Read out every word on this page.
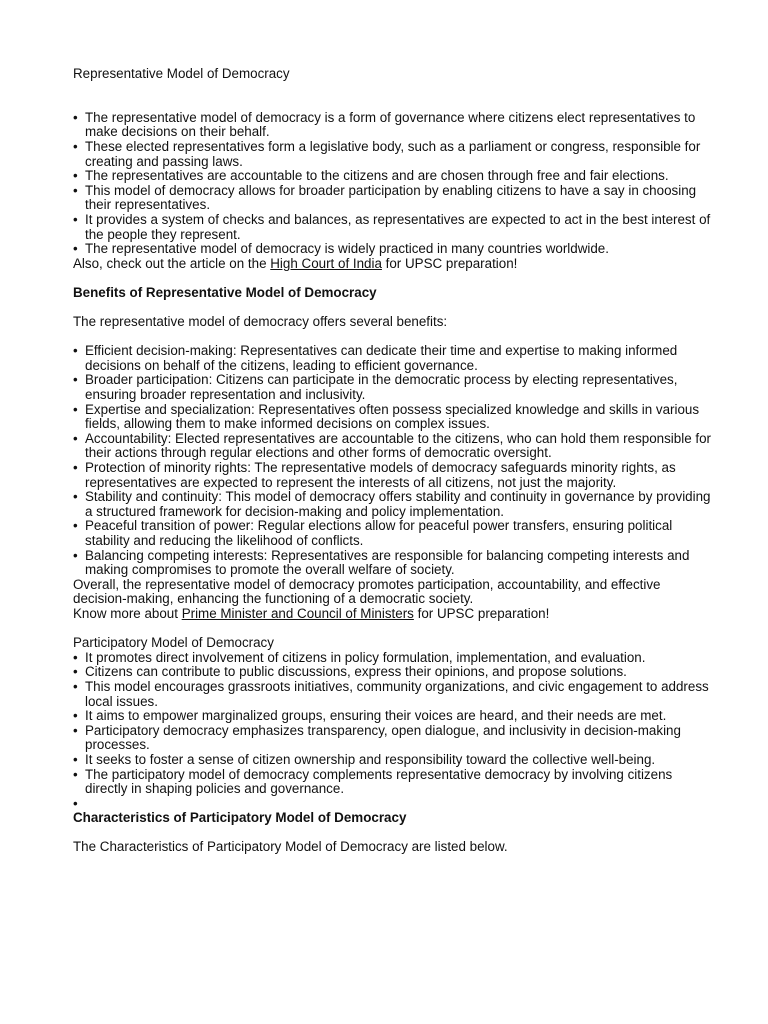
Representative Model of Democracy

• The representative model of democracy is a form of governance where citizens elect representatives to make decisions on their behalf.
• These elected representatives form a legislative body, such as a parliament or congress, responsible for creating and passing laws.
• The representatives are accountable to the citizens and are chosen through free and fair elections.
• This model of democracy allows for broader participation by enabling citizens to have a say in choosing their representatives.
• It provides a system of checks and balances, as representatives are expected to act in the best interest of the people they represent.
• The representative model of democracy is widely practiced in many countries worldwide.

Also, check out the article on the High Court of India for UPSC preparation!

Benefits of Representative Model of Democracy

The representative model of democracy offers several benefits:

• Efficient decision-making: Representatives can dedicate their time and expertise to making informed decisions on behalf of the citizens, leading to efficient governance.
• Broader participation: Citizens can participate in the democratic process by electing representatives, ensuring broader representation and inclusivity.
• Expertise and specialization: Representatives often possess specialized knowledge and skills in various fields, allowing them to make informed decisions on complex issues.
• Accountability: Elected representatives are accountable to the citizens, who can hold them responsible for their actions through regular elections and other forms of democratic oversight.
• Protection of minority rights: The representative models of democracy safeguards minority rights, as representatives are expected to represent the interests of all citizens, not just the majority.
• Stability and continuity: This model of democracy offers stability and continuity in governance by providing a structured framework for decision-making and policy implementation.
• Peaceful transition of power: Regular elections allow for peaceful power transfers, ensuring political stability and reducing the likelihood of conflicts.
• Balancing competing interests: Representatives are responsible for balancing competing interests and making compromises to promote the overall welfare of society.

Overall, the representative model of democracy promotes participation, accountability, and effective decision-making, enhancing the functioning of a democratic society.

Know more about Prime Minister and Council of Ministers for UPSC preparation!

Participatory Model of Democracy

• It promotes direct involvement of citizens in policy formulation, implementation, and evaluation.
• Citizens can contribute to public discussions, express their opinions, and propose solutions.
• This model encourages grassroots initiatives, community organizations, and civic engagement to address local issues.
• It aims to empower marginalized groups, ensuring their voices are heard, and their needs are met.
• Participatory democracy emphasizes transparency, open dialogue, and inclusivity in decision-making processes.
• It seeks to foster a sense of citizen ownership and responsibility toward the collective well-being.
• The participatory model of democracy complements representative democracy by involving citizens directly in shaping policies and governance.
•

Characteristics of Participatory Model of Democracy

The Characteristics of Participatory Model of Democracy are listed below.
